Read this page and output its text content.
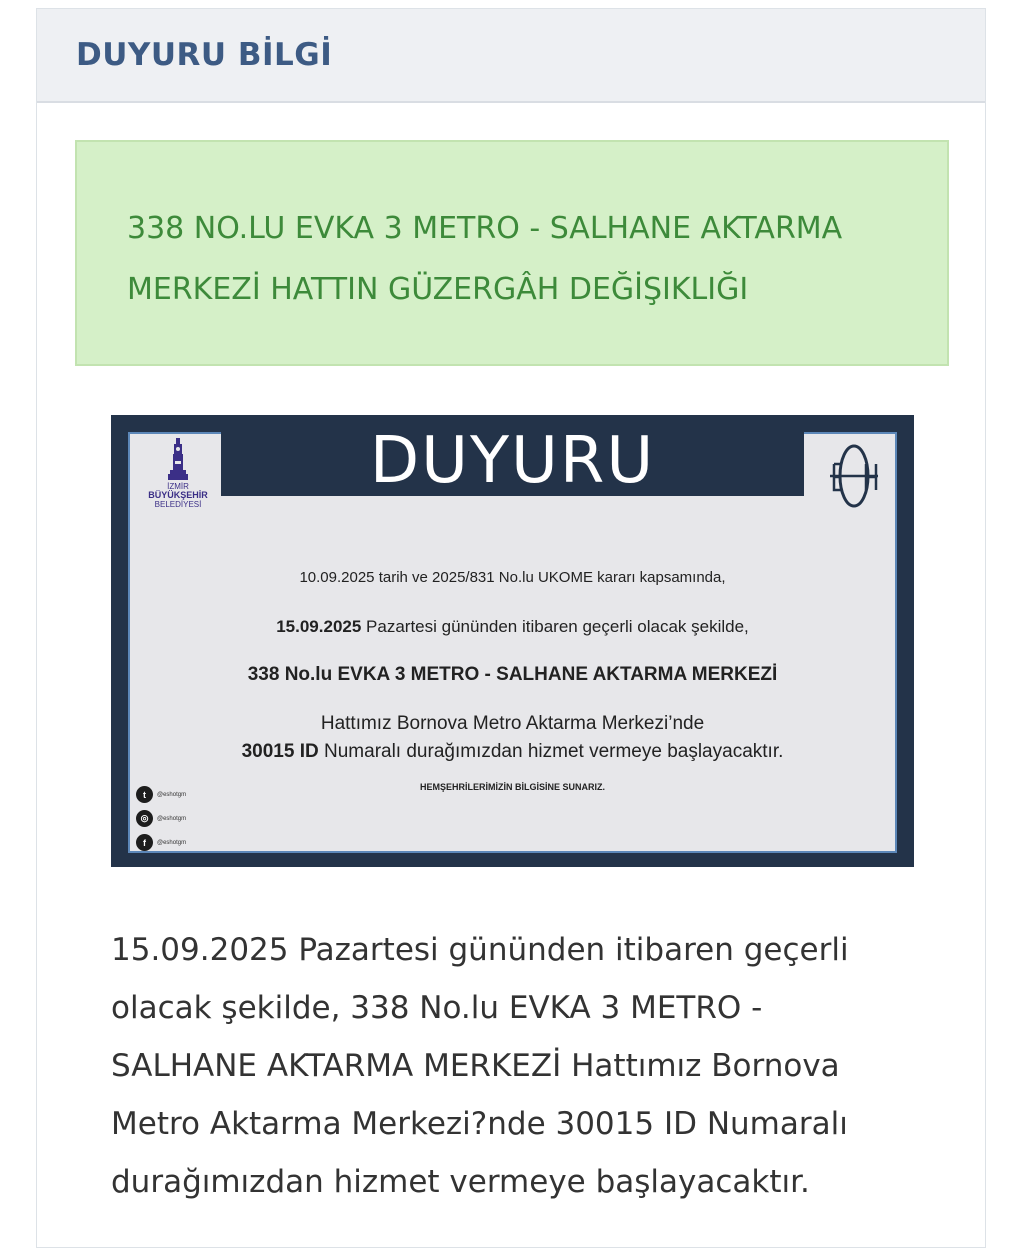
DUYURU BİLGİ
338 NO.LU EVKA 3 METRO - SALHANE AKTARMA MERKEZİ HATTIN GÜZERGÂH DEĞİŞIKLIĞI
DUYURU
İZMİR
BÜYÜKŞEHİR
BELEDİYESİ
10.09.2025 tarih ve 2025/831 No.lu UKOME kararı kapsamında,
15.09.2025 Pazartesi gününden itibaren geçerli olacak şekilde,
338 No.lu EVKA 3 METRO - SALHANE AKTARMA MERKEZİ
Hattımız Bornova Metro Aktarma Merkezi’nde
30015 ID Numaralı durağımızdan hizmet vermeye başlayacaktır.
HEMŞEHRİLERİMİZİN BİLGİSİNE SUNARIZ.
t	@eshotgm
◎	@eshotgm
f	@eshotgm
15.09.2025 Pazartesi gününden itibaren geçerli olacak şekilde, 338 No.lu EVKA 3 METRO - SALHANE AKTARMA MERKEZİ Hattımız Bornova Metro Aktarma Merkezi?nde 30015 ID Numaralı durağımızdan hizmet vermeye başlayacaktır.
